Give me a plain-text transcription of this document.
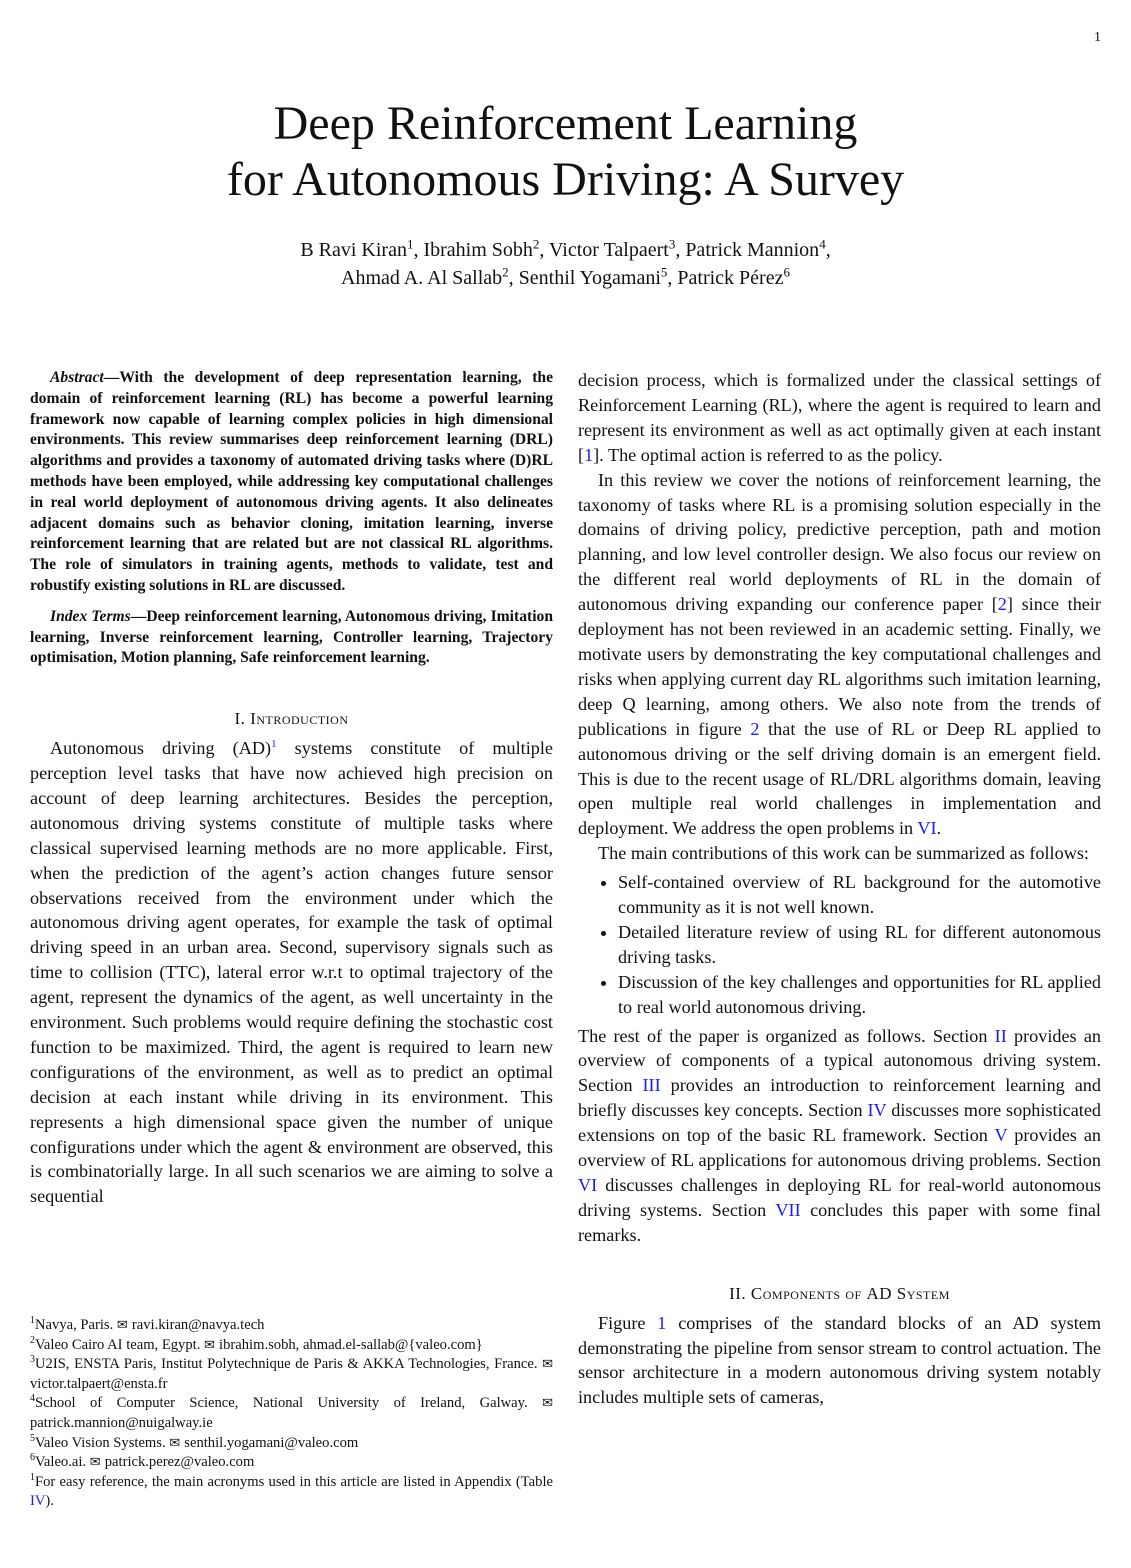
1
Deep Reinforcement Learning
for Autonomous Driving: A Survey
B Ravi Kiran$^1$, Ibrahim Sobh$^2$, Victor Talpaert$^3$, Patrick Mannion$^4$,
Ahmad A. Al Sallab$^2$, Senthil Yogamani$^5$, Patrick Pérez$^6$

Abstract—With the development of deep representation learning, the domain of reinforcement learning (RL) has become a powerful learning framework now capable of learning complex policies in high dimensional environments. This review summarises deep reinforcement learning (DRL) algorithms and provides a taxonomy of automated driving tasks where (D)RL methods have been employed, while addressing key computational challenges in real world deployment of autonomous driving agents. It also delineates adjacent domains such as behavior cloning, imitation learning, inverse reinforcement learning that are related but are not classical RL algorithms. The role of simulators in training agents, methods to validate, test and robustify existing solutions in RL are discussed.

Index Terms—Deep reinforcement learning, Autonomous driving, Imitation learning, Inverse reinforcement learning, Controller learning, Trajectory optimisation, Motion planning, Safe reinforcement learning.

I. Introduction

Autonomous driving (AD)$^1$ systems constitute of multiple perception level tasks that have now achieved high precision on account of deep learning architectures. Besides the perception, autonomous driving systems constitute of multiple tasks where classical supervised learning methods are no more applicable. First, when the prediction of the agent’s action changes future sensor observations received from the environment under which the autonomous driving agent operates, for example the task of optimal driving speed in an urban area. Second, supervisory signals such as time to collision (TTC), lateral error w.r.t to optimal trajectory of the agent, represent the dynamics of the agent, as well uncertainty in the environment. Such problems would require defining the stochastic cost function to be maximized. Third, the agent is required to learn new configurations of the environment, as well as to predict an optimal decision at each instant while driving in its environment. This represents a high dimensional space given the number of unique configurations under which the agent & environment are observed, this is combinatorially large. In all such scenarios we are aiming to solve a sequential

decision process, which is formalized under the classical settings of Reinforcement Learning (RL), where the agent is required to learn and represent its environment as well as act optimally given at each instant [1]. The optimal action is referred to as the policy.

In this review we cover the notions of reinforcement learning, the taxonomy of tasks where RL is a promising solution especially in the domains of driving policy, predictive perception, path and motion planning, and low level controller design. We also focus our review on the different real world deployments of RL in the domain of autonomous driving expanding our conference paper [2] since their deployment has not been reviewed in an academic setting. Finally, we motivate users by demonstrating the key computational challenges and risks when applying current day RL algorithms such imitation learning, deep Q learning, among others. We also note from the trends of publications in figure 2 that the use of RL or Deep RL applied to autonomous driving or the self driving domain is an emergent field. This is due to the recent usage of RL/DRL algorithms domain, leaving open multiple real world challenges in implementation and deployment. We address the open problems in VI.

The main contributions of this work can be summarized as follows:

• Self-contained overview of RL background for the automotive community as it is not well known.
• Detailed literature review of using RL for different autonomous driving tasks.
• Discussion of the key challenges and opportunities for RL applied to real world autonomous driving.

The rest of the paper is organized as follows. Section II provides an overview of components of a typical autonomous driving system. Section III provides an introduction to reinforcement learning and briefly discusses key concepts. Section IV discusses more sophisticated extensions on top of the basic RL framework. Section V provides an overview of RL applications for autonomous driving problems. Section VI discusses challenges in deploying RL for real-world autonomous driving systems. Section VII concludes this paper with some final remarks.

II. Components of AD System

Figure 1 comprises of the standard blocks of an AD system demonstrating the pipeline from sensor stream to control actuation. The sensor architecture in a modern autonomous driving system notably includes multiple sets of cameras,

$^1$Navya, Paris. ✉ ravi.kiran@navya.tech

$^2$Valeo Cairo AI team, Egypt. ✉ ibrahim.sobh, ahmad.el-sallab@{valeo.com}

$^3$U2IS, ENSTA Paris, Institut Polytechnique de Paris & AKKA Technologies, France. ✉ victor.talpaert@ensta.fr

$^4$School of Computer Science, National University of Ireland, Galway. ✉ patrick.mannion@nuigalway.ie

$^5$Valeo Vision Systems. ✉ senthil.yogamani@valeo.com

$^6$Valeo.ai. ✉ patrick.perez@valeo.com

$^1$For easy reference, the main acronyms used in this article are listed in Appendix (Table IV).
